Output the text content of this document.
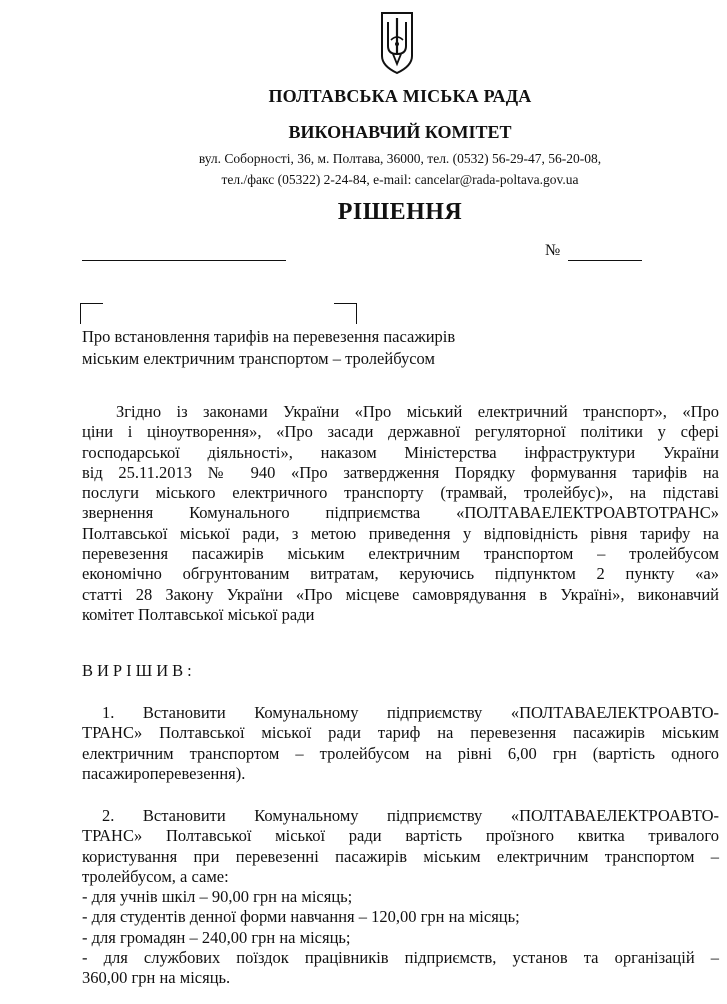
ПОЛТАВСЬКА МІСЬКА РАДА
ВИКОНАВЧИЙ КОМІТЕТ
вул. Соборності, 36, м. Полтава, 36000, тел. (0532) 56-29-47, 56-20-08,
тел./факс (05322) 2-24-84, e-mail: cancelar@rada-poltava.gov.ua
РІШЕННЯ
№
Про встановлення тарифів на перевезення пасажирів
міським електричним транспортом – тролейбусом
Згідно із законами України «Про міський електричний транспорт», «Про
ціни і ціноутворення», «Про засади державної регуляторної політики у сфері
господарської діяльності», наказом Міністерства інфраструктури України
від 25.11.2013 № 940 «Про затвердження Порядку формування тарифів на
послуги міського електричного транспорту (трамвай, тролейбус)», на підставі
звернення Комунального підприємства «ПОЛТАВАЕЛЕКТРОАВТОТРАНС»
Полтавської міської ради, з метою приведення у відповідність рівня тарифу на
перевезення пасажирів міським електричним транспортом – тролейбусом
економічно обгрунтованим витратам, керуючись підпунктом 2 пункту «а»
статті 28 Закону України «Про місцеве самоврядування в Україні», виконавчий
комітет Полтавської міської ради
ВИРІШИВ:
1. Встановити Комунальному підприємству «ПОЛТАВАЕЛЕКТРОАВТО-
ТРАНС» Полтавської міської ради тариф на перевезення пасажирів міським
електричним транспортом – тролейбусом на рівні 6,00 грн (вартість одного
пасажироперевезення).
2. Встановити Комунальному підприємству «ПОЛТАВАЕЛЕКТРОАВТО-
ТРАНС» Полтавської міської ради вартість проїзного квитка тривалого
користування при перевезенні пасажирів міським електричним транспортом –
тролейбусом, а саме:
- для учнів шкіл – 90,00 грн на місяць;
- для студентів денної форми навчання – 120,00 грн на місяць;
- для громадян – 240,00 грн на місяць;
- для службових поїздок працівників підприємств, установ та організацій –
360,00 грн на місяць.
